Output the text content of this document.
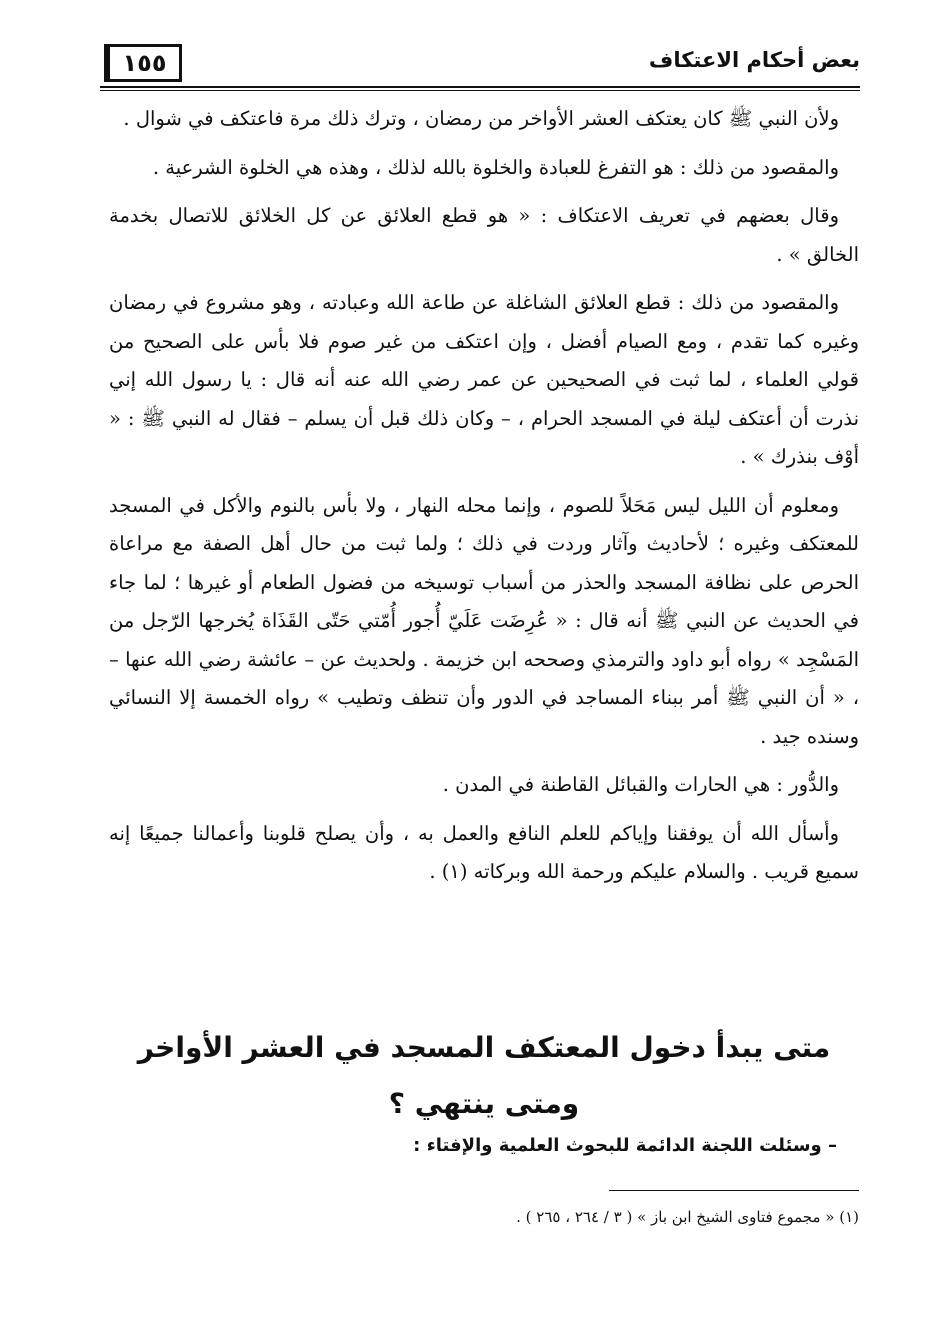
١٥٥	بعض أحكام الاعتكاف

ولأن النبي ﷺ كان يعتكف العشر الأواخر من رمضان ، وترك ذلك مرة فاعتكف في شوال .

والمقصود من ذلك : هو التفرغ للعبادة والخلوة بالله لذلك ، وهذه هي الخلوة الشرعية .

وقال بعضهم في تعريف الاعتكاف : « هو قطع العلائق عن كل الخلائق للاتصال بخدمة الخالق » .

والمقصود من ذلك : قطع العلائق الشاغلة عن طاعة الله وعبادته ، وهو مشروع في رمضان وغيره كما تقدم ، ومع الصيام أفضل ، وإن اعتكف من غير صوم فلا بأس على الصحيح من قولي العلماء ، لما ثبت في الصحيحين عن عمر رضي الله عنه أنه قال : يا رسول الله إني نذرت أن أعتكف ليلة في المسجد الحرام ، – وكان ذلك قبل أن يسلم – فقال له النبي ﷺ : « أوْف بنذرك » .

ومعلوم أن الليل ليس مَحَلاً للصوم ، وإنما محله النهار ، ولا بأس بالنوم والأكل في المسجد للمعتكف وغيره ؛ لأحاديث وآثار وردت في ذلك ؛ ولما ثبت من حال أهل الصفة مع مراعاة الحرص على نظافة المسجد والحذر من أسباب توسيخه من فضول الطعام أو غيرها ؛ لما جاء في الحديث عن النبي ﷺ أنه قال : « عُرِضَت عَلَيّ أُجور أُمّتي حَتّى القَذَاة يُخرجها الرّجل من المَسْجِد » رواه أبو داود والترمذي وصححه ابن خزيمة . ولحديث عن – عائشة رضي الله عنها – ، « أن النبي ﷺ أمر ببناء المساجد في الدور وأن تنظف وتطيب » رواه الخمسة إلا النسائي وسنده جيد .

والدُّور : هي الحارات والقبائل القاطنة في المدن .

وأسأل الله أن يوفقنا وإياكم للعلم النافع والعمل به ، وأن يصلح قلوبنا وأعمالنا جميعًا إنه سميع قريب . والسلام عليكم ورحمة الله وبركاته (١) .

متى يبدأ دخول المعتكف المسجد في العشر الأواخر
ومتى ينتهي ؟
– وسئلت اللجنة الدائمة للبحوث العلمية والإفتاء :
(١) « مجموع فتاوى الشيخ ابن باز » ( ٣ / ٢٦٤ ، ٢٦٥ ) .
